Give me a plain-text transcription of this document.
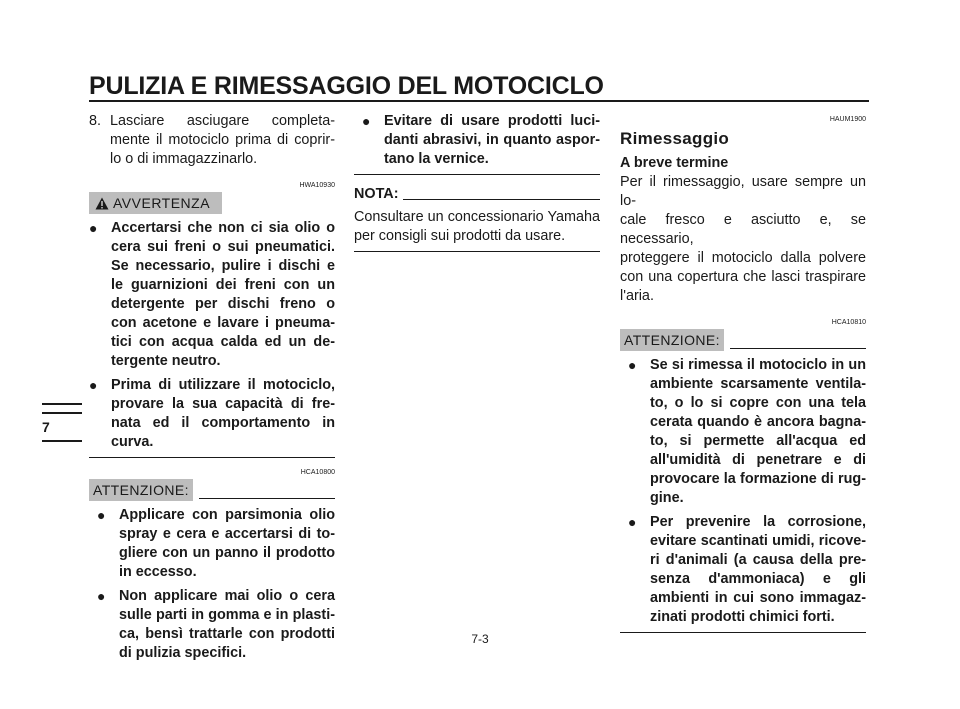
PULIZIA E RIMESSAGGIO DEL MOTOCICLO
7
8. Lasciare asciugare completa-
mente il motociclo prima di coprir-
lo o di immagazzinarlo.
HWA10930
AVVERTENZA
● Accertarsi che non ci sia olio o
cera sui freni o sui pneumatici.
Se necessario, pulire i dischi e
le guarnizioni dei freni con un
detergente per dischi freno o
con acetone e lavare i pneuma-
tici con acqua calda ed un de-
tergente neutro.
● Prima di utilizzare il motociclo,
provare la sua capacità di fre-
nata ed il comportamento in
curva.
HCA10800
ATTENZIONE:
● Applicare con parsimonia olio
spray e cera e accertarsi di to-
gliere con un panno il prodotto
in eccesso.
● Non applicare mai olio o cera
sulle parti in gomma e in plasti-
ca, bensì trattarle con prodotti
di pulizia specifici.
● Evitare di usare prodotti luci-
danti abrasivi, in quanto aspor-
tano la vernice.
NOTA:
Consultare un concessionario Yamaha
per consigli sui prodotti da usare.
HAUM1900
Rimessaggio
A breve termine
Per il rimessaggio, usare sempre un lo-
cale fresco e asciutto e, se necessario,
proteggere il motociclo dalla polvere
con una copertura che lasci traspirare
l'aria.
HCA10810
ATTENZIONE:
● Se si rimessa il motociclo in un
ambiente scarsamente ventila-
to, o lo si copre con una tela
cerata quando è ancora bagna-
to, si permette all'acqua ed
all'umidità di penetrare e di
provocare la formazione di rug-
gine.
● Per prevenire la corrosione,
evitare scantinati umidi, ricove-
ri d'animali (a causa della pre-
senza d'ammoniaca) e gli
ambienti in cui sono immagaz-
zinati prodotti chimici forti.
7-3
